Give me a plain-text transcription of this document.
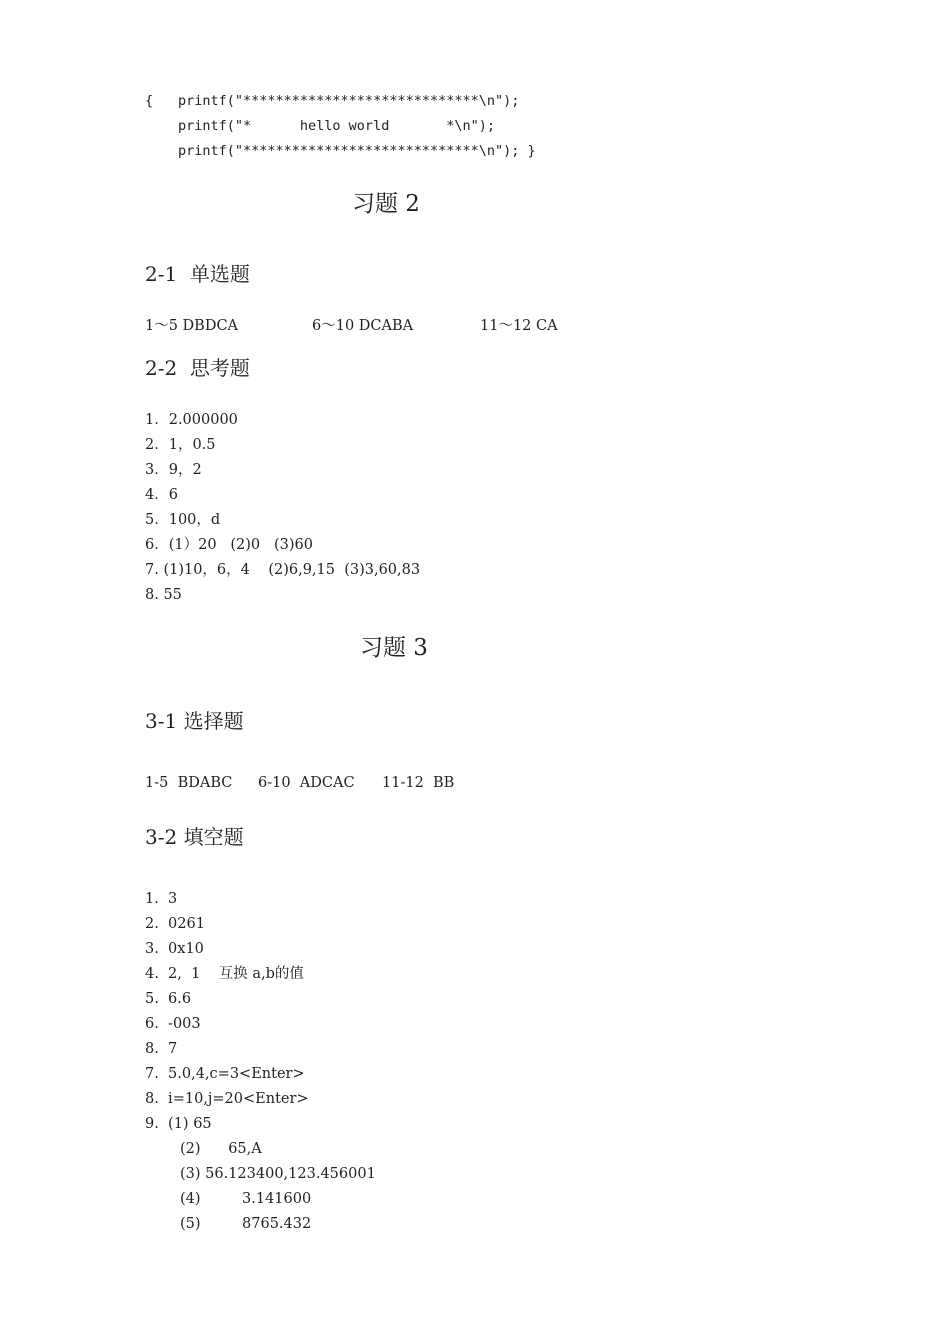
{ printf("*****************************\n");
printf("*      hello world       *\n");
printf("*****************************\n"); }
习题 2
2-1  单选题
1～5 DBDCA	6～10 DCABA	11～12 CA
2-2  思考题
1．2.000000
2．1，0.5
3．9，2
4．6
5．100，d
6．(1）20   (2)0   (3)60
7. (1)10，6，4    (2)6,9,15  (3)3,60,83
8. 55
习题 3
3-1 选择题
1-5  BDABC 6-10  ADCAC 11-12  BB
3-2 填空题
1.  3
2.  0261
3.  0x10
4.  2,  1    互换 a,b的值
5.  6.6
6.  -003
8.  7
7.  5.0,4,c=3<Enter>
8.  i=10,j=20<Enter>
9.  (1) 65
(2)      65,A
(3) 56.123400,123.456001
(4)         3.141600
(5)         8765.432
